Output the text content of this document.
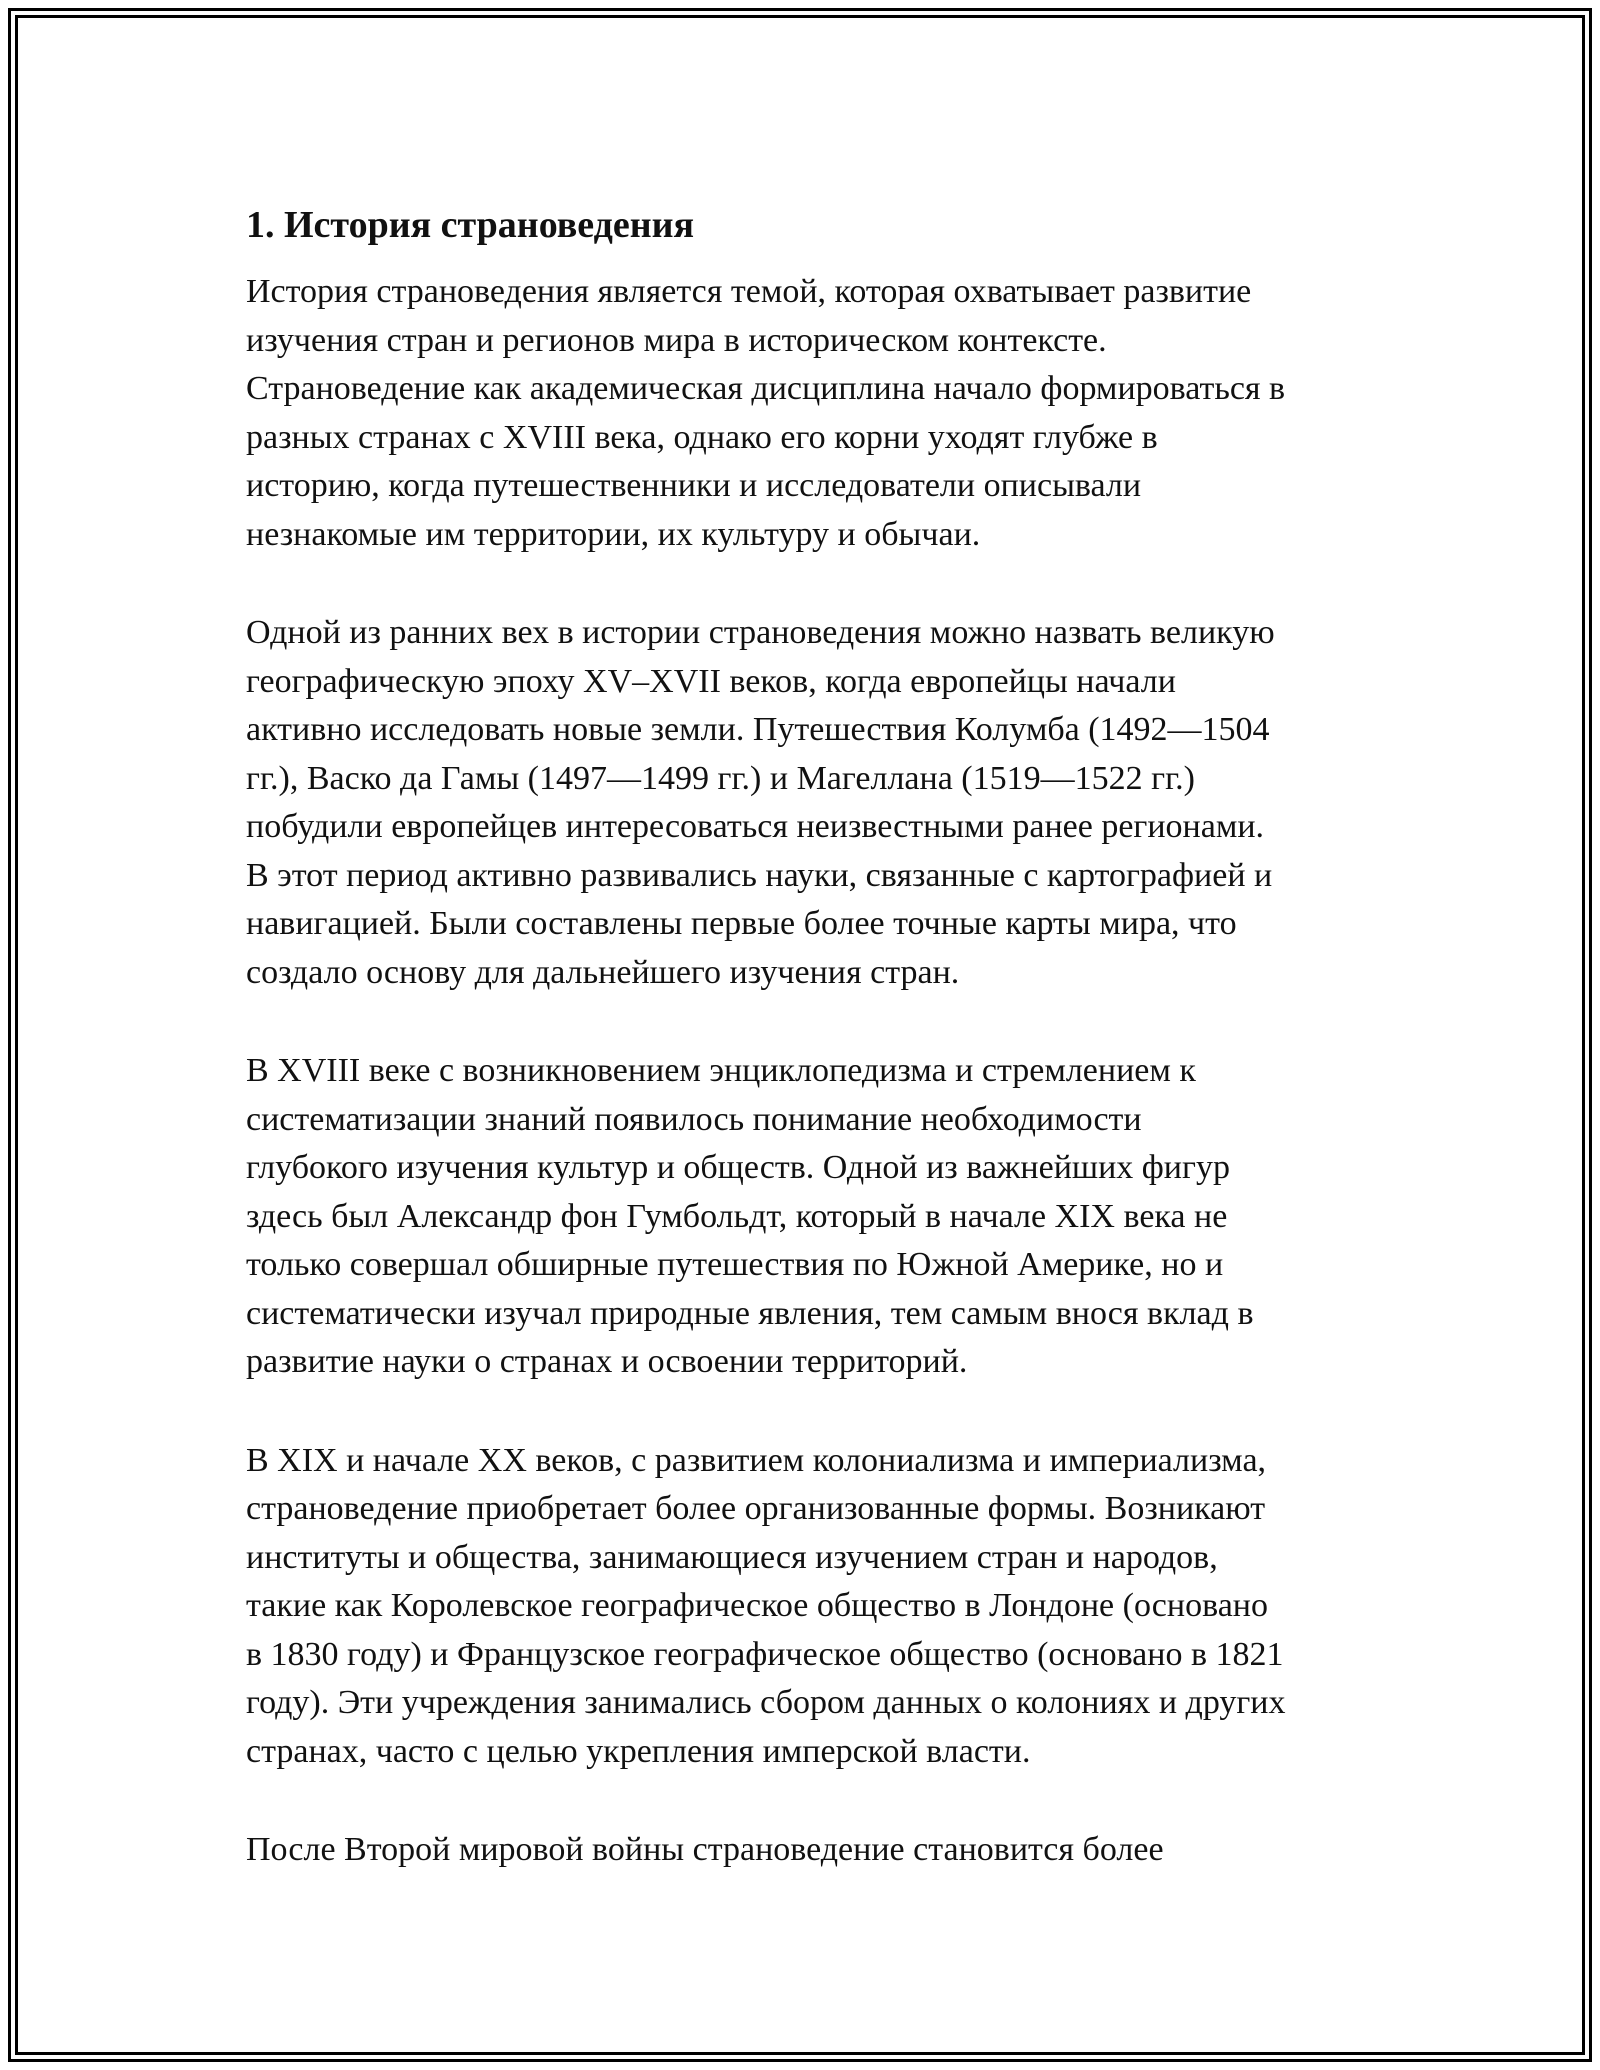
1. История страноведения

История страноведения является темой, которая охватывает развитие
изучения стран и регионов мира в историческом контексте.
Страноведение как академическая дисциплина начало формироваться в
разных странах с XVIII века, однако его корни уходят глубже в
историю, когда путешественники и исследователи описывали
незнакомые им территории, их культуру и обычаи.

Одной из ранних вех в истории страноведения можно назвать великую
географическую эпоху XV–XVII веков, когда европейцы начали
активно исследовать новые земли. Путешествия Колумба (1492—1504
гг.), Васко да Гамы (1497—1499 гг.) и Магеллана (1519—1522 гг.)
побудили европейцев интересоваться неизвестными ранее регионами.
В этот период активно развивались науки, связанные с картографией и
навигацией. Были составлены первые более точные карты мира, что
создало основу для дальнейшего изучения стран.

В XVIII веке с возникновением энциклопедизма и стремлением к
систематизации знаний появилось понимание необходимости
глубокого изучения культур и обществ. Одной из важнейших фигур
здесь был Александр фон Гумбольдт, который в начале XIX века не
только совершал обширные путешествия по Южной Америке, но и
систематически изучал природные явления, тем самым внося вклад в
развитие науки о странах и освоении территорий.

В XIX и начале XX веков, с развитием колониализма и империализма,
страноведение приобретает более организованные формы. Возникают
институты и общества, занимающиеся изучением стран и народов,
такие как Королевское географическое общество в Лондоне (основано
в 1830 году) и Французское географическое общество (основано в 1821
году). Эти учреждения занимались сбором данных о колониях и других
странах, часто с целью укрепления имперской власти.

После Второй мировой войны страноведение становится более
